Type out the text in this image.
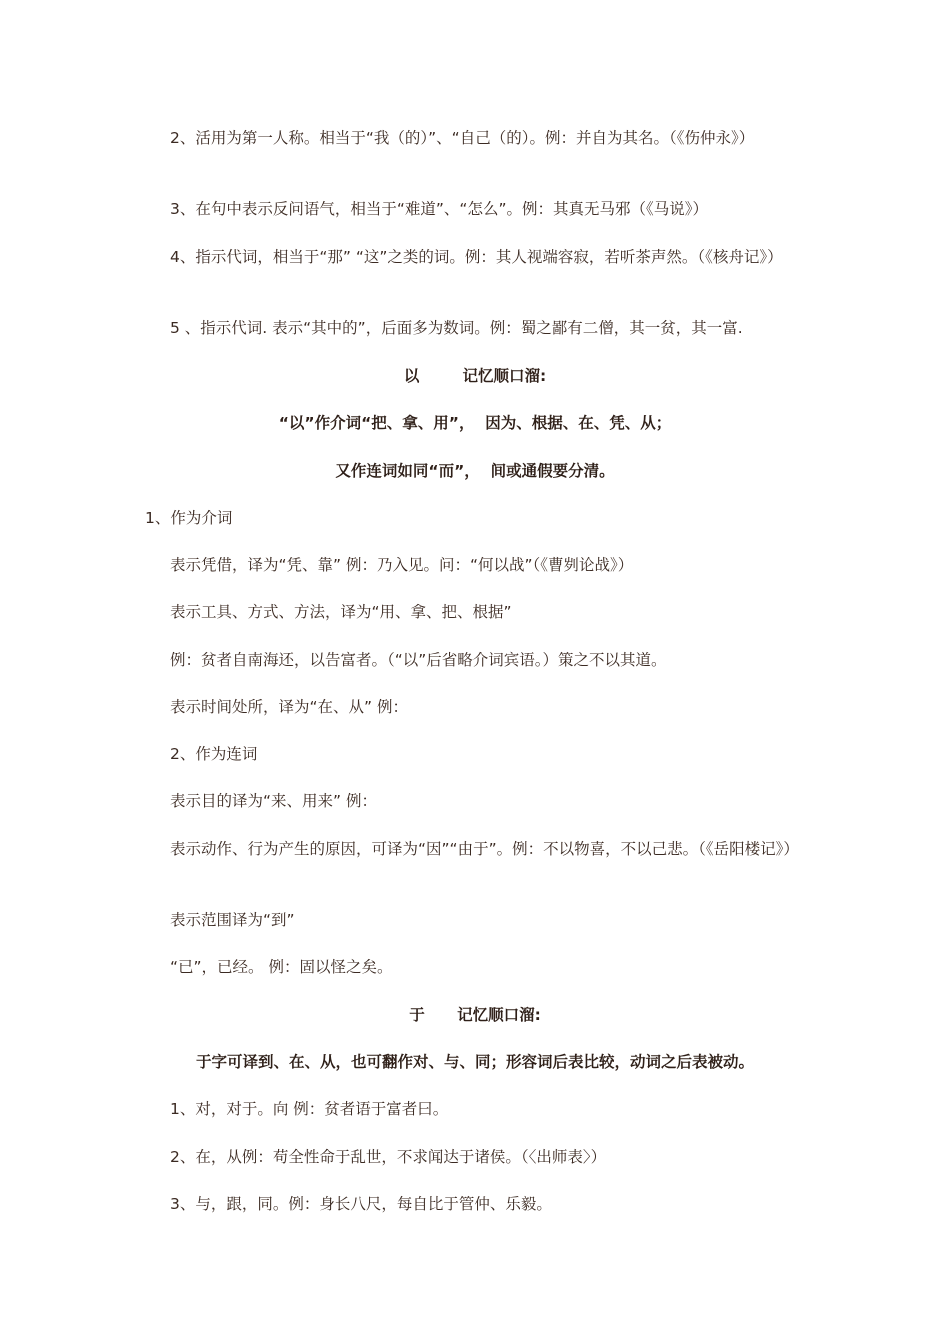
2、活用为第一人称。相当于“我（的）”、“自己（的）。例：并自为其名。（《伤仲永》）
3、在句中表示反问语气，相当于“难道”、“怎么”。例：其真无马邪（《马说》）
4、指示代词，相当于“那” “这”之类的词。例：其人视端容寂，若听茶声然。（《核舟记》）
5 、指示代词. 表示“其中的”，后面多为数词。例：蜀之鄙有二僧，其一贫，其一富.
以        记忆顺口溜:
“以”作介词“把、拿、用”，  因为、根据、在、凭、从；
又作连词如同“而”，  间或通假要分清。
1、作为介词
表示凭借，译为“凭、靠” 例：乃入见。问：“何以战”（《曹刿论战》）
表示工具、方式、方法，译为“用、拿、把、根据”
例：贫者自南海还，以告富者。（“以”后省略介词宾语。）策之不以其道。
表示时间处所，译为“在、从” 例：
2、作为连词
表示目的译为“来、用来” 例：
表示动作、行为产生的原因，可译为“因”“由于”。例：不以物喜，不以己悲。（《岳阳楼记》）
表示范围译为“到”
“已”，已经。 例：固以怪之矣。
于      记忆顺口溜:
于字可译到、在、从，也可翻作对、与、同；形容词后表比较，动词之后表被动。
1、对，对于。向 例：贫者语于富者曰。
2、在，从例：苟全性命于乱世，不求闻达于诸侯。（〈出师表〉）
3、与，跟，同。例：身长八尺，每自比于管仲、乐毅。
